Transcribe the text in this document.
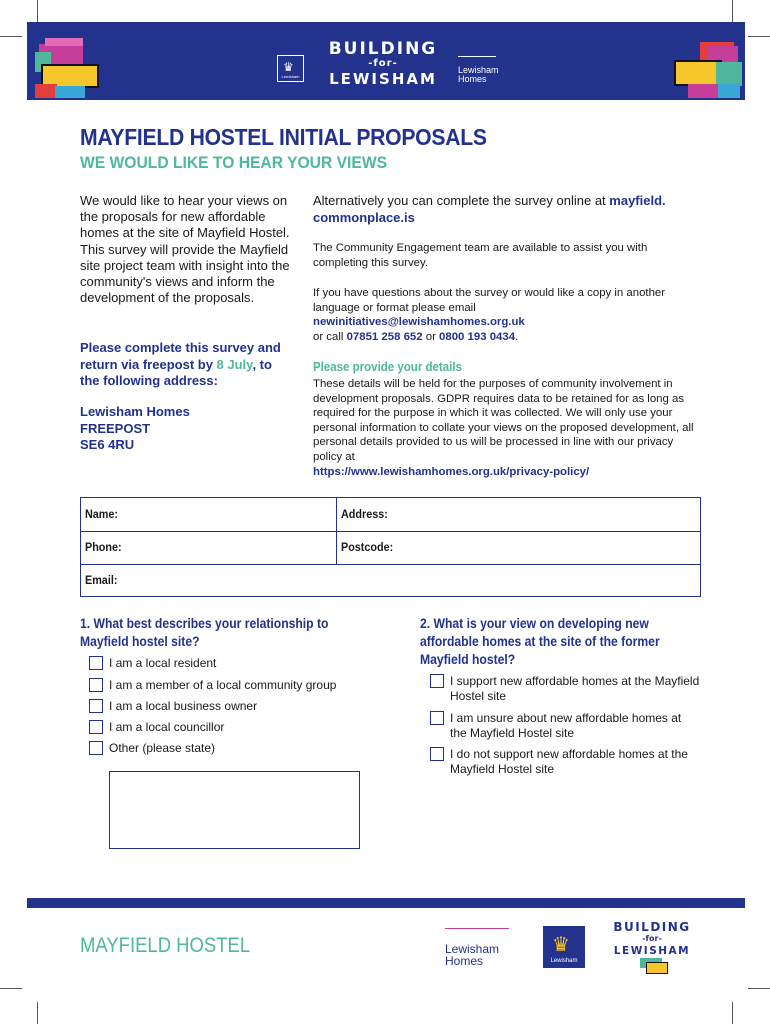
♛
Lewisham
BUILDING
-for-
LEWISHAM	Lewisham
Homes
MAYFIELD HOSTEL INITIAL PROPOSALS
WE WOULD LIKE TO HEAR YOUR VIEWS
We would like to hear your views on the proposals for new affordable homes at the site of Mayfield Hostel. This survey will provide the Mayfield site project team with insight into the community's views and inform the development of the proposals.
Please complete this survey and return via freepost by 8 July, to the following address:
Lewisham Homes
FREEPOST
SE6 4RU
Alternatively you can complete the survey online at mayfield. commonplace.is
The Community Engagement team are available to assist you with completing this survey.
If you have questions about the survey or would like a copy in another language or format please email
newinitiatives@lewishamhomes.org.uk
or call 07851 258 652 or 0800 193 0434.
Please provide your details
These details will be held for the purposes of community involvement in development proposals. GDPR requires data to be retained for as long as required for the purpose in which it was collected. We will only use your personal information to collate your views on the proposed development, all personal details provided to us will be processed in line with our privacy policy at
https://www.lewishamhomes.org.uk/privacy-policy/
Name:	Address:
Phone:	Postcode:
Email:
1. What best describes your relationship to Mayfield hostel site?
I am a local resident
I am a member of a local community group
I am a local business owner
I am a local councillor
Other (please state)
2. What is your view on developing new affordable homes at the site of the former Mayfield hostel?
I support new affordable homes at the Mayfield Hostel site
I am unsure about new affordable homes at the Mayfield Hostel site
I do not support new affordable homes at the Mayfield Hostel site
MAYFIELD HOSTEL	Lewisham
Homes
♛
Lewisham
BUILDING
-for-
LEWISHAM
